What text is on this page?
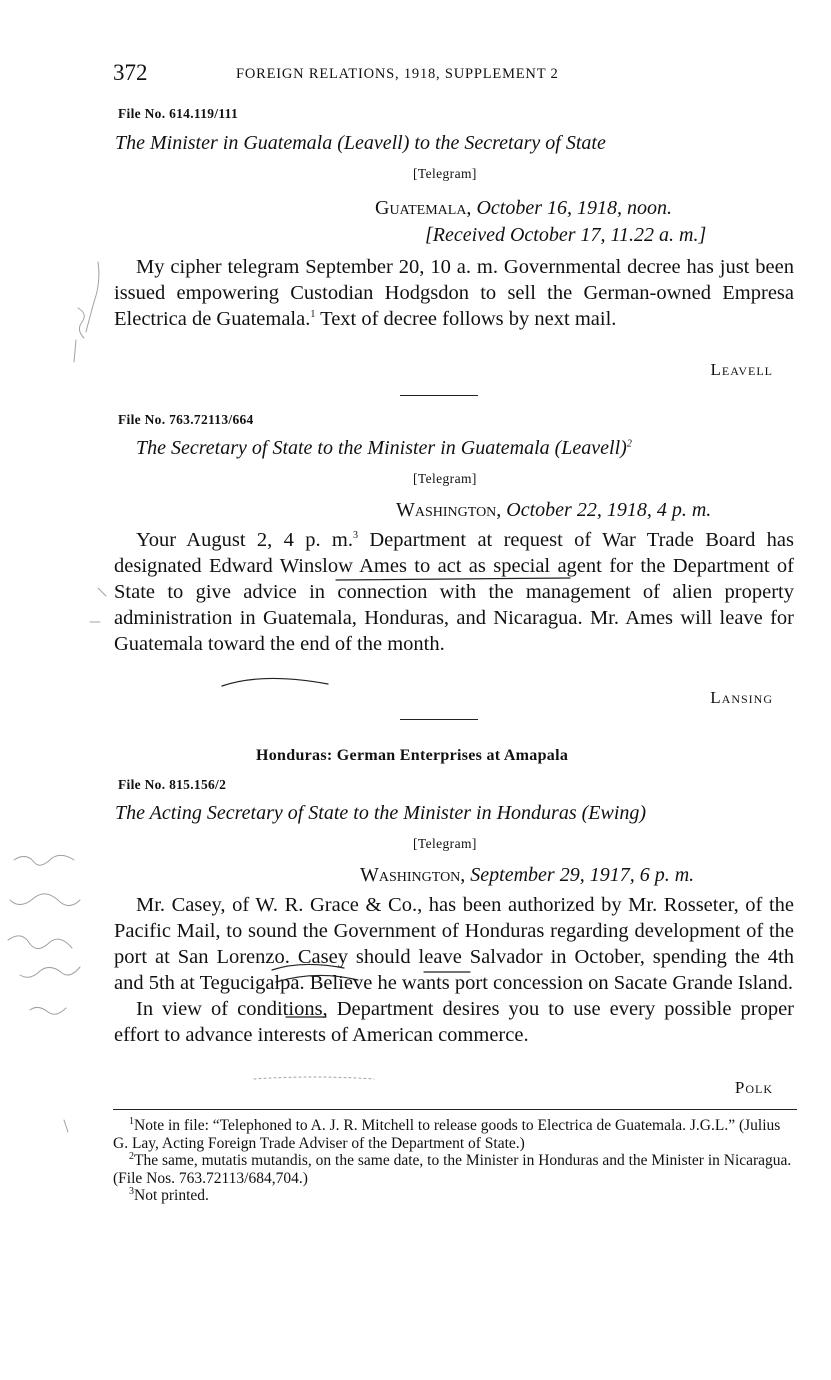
372	FOREIGN RELATIONS, 1918, SUPPLEMENT 2
File No. 614.119/111
The Minister in Guatemala (Leavell) to the Secretary of State
[Telegram]
Guatemala, October 16, 1918, noon.
[Received October 17, 11.22 a. m.]

My cipher telegram September 20, 10 a. m. Governmental decree has just been issued empowering Custodian Hodgsdon to sell the German-owned Empresa Electrica de Guatemala.$^1$ Text of decree follows by next mail.

Leavell
File No. 763.72113/664
The Secretary of State to the Minister in Guatemala (Leavell)$^2$
[Telegram]
Washington, October 22, 1918, 4 p. m.

Your August 2, 4 p. m.$^3$ Department at request of War Trade Board has designated Edward Winslow Ames to act as special agent for the Department of State to give advice in connection with the management of alien property administration in Guatemala, Honduras, and Nicaragua. Mr. Ames will leave for Guatemala toward the end of the month.

Lansing
Honduras: German Enterprises at Amapala
File No. 815.156/2
The Acting Secretary of State to the Minister in Honduras (Ewing)
[Telegram]
Washington, September 29, 1917, 6 p. m.

Mr. Casey, of W. R. Grace & Co., has been authorized by Mr. Rosseter, of the Pacific Mail, to sound the Government of Honduras regarding development of the port at San Lorenzo. Casey should leave Salvador in October, spending the 4th and 5th at Tegucigalpa. Believe he wants port concession on Sacate Grande Island.

In view of conditions, Department desires you to use every possible proper effort to advance interests of American commerce.

Polk

$^1$Note in file: “Telephoned to A. J. R. Mitchell to release goods to Electrica de Guatemala. J.G.L.” (Julius G. Lay, Acting Foreign Trade Adviser of the Department of State.)

$^2$The same, mutatis mutandis, on the same date, to the Minister in Honduras and the Minister in Nicaragua. (File Nos. 763.72113/684,704.)

$^3$Not printed.
